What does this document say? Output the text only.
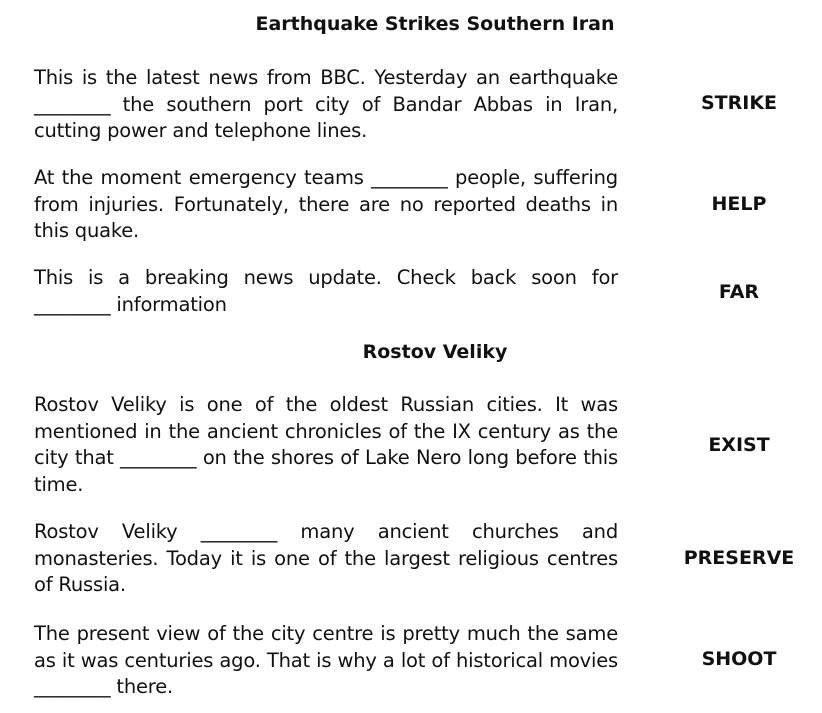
Earthquake Strikes Southern Iran

This is the latest news from BBC. Yesterday an earthquake ________ the southern port city of Bandar Abbas in Iran, cutting power and telephone lines.

STRIKE

At the moment emergency teams ________ people, suffering from injuries. Fortunately, there are no reported deaths in this quake.

HELP

This is a breaking news update. Check back soon for ________ information

FAR
Rostov Veliky

Rostov Veliky is one of the oldest Russian cities. It was mentioned in the ancient chronicles of the IX century as the city that ________ on the shores of Lake Nero long before this time.

EXIST

Rostov Veliky ________ many ancient churches and monasteries. Today it is one of the largest religious centres of Russia.

PRESERVE

The present view of the city centre is pretty much the same as it was centuries ago. That is why a lot of historical movies ________ there.

SHOOT
